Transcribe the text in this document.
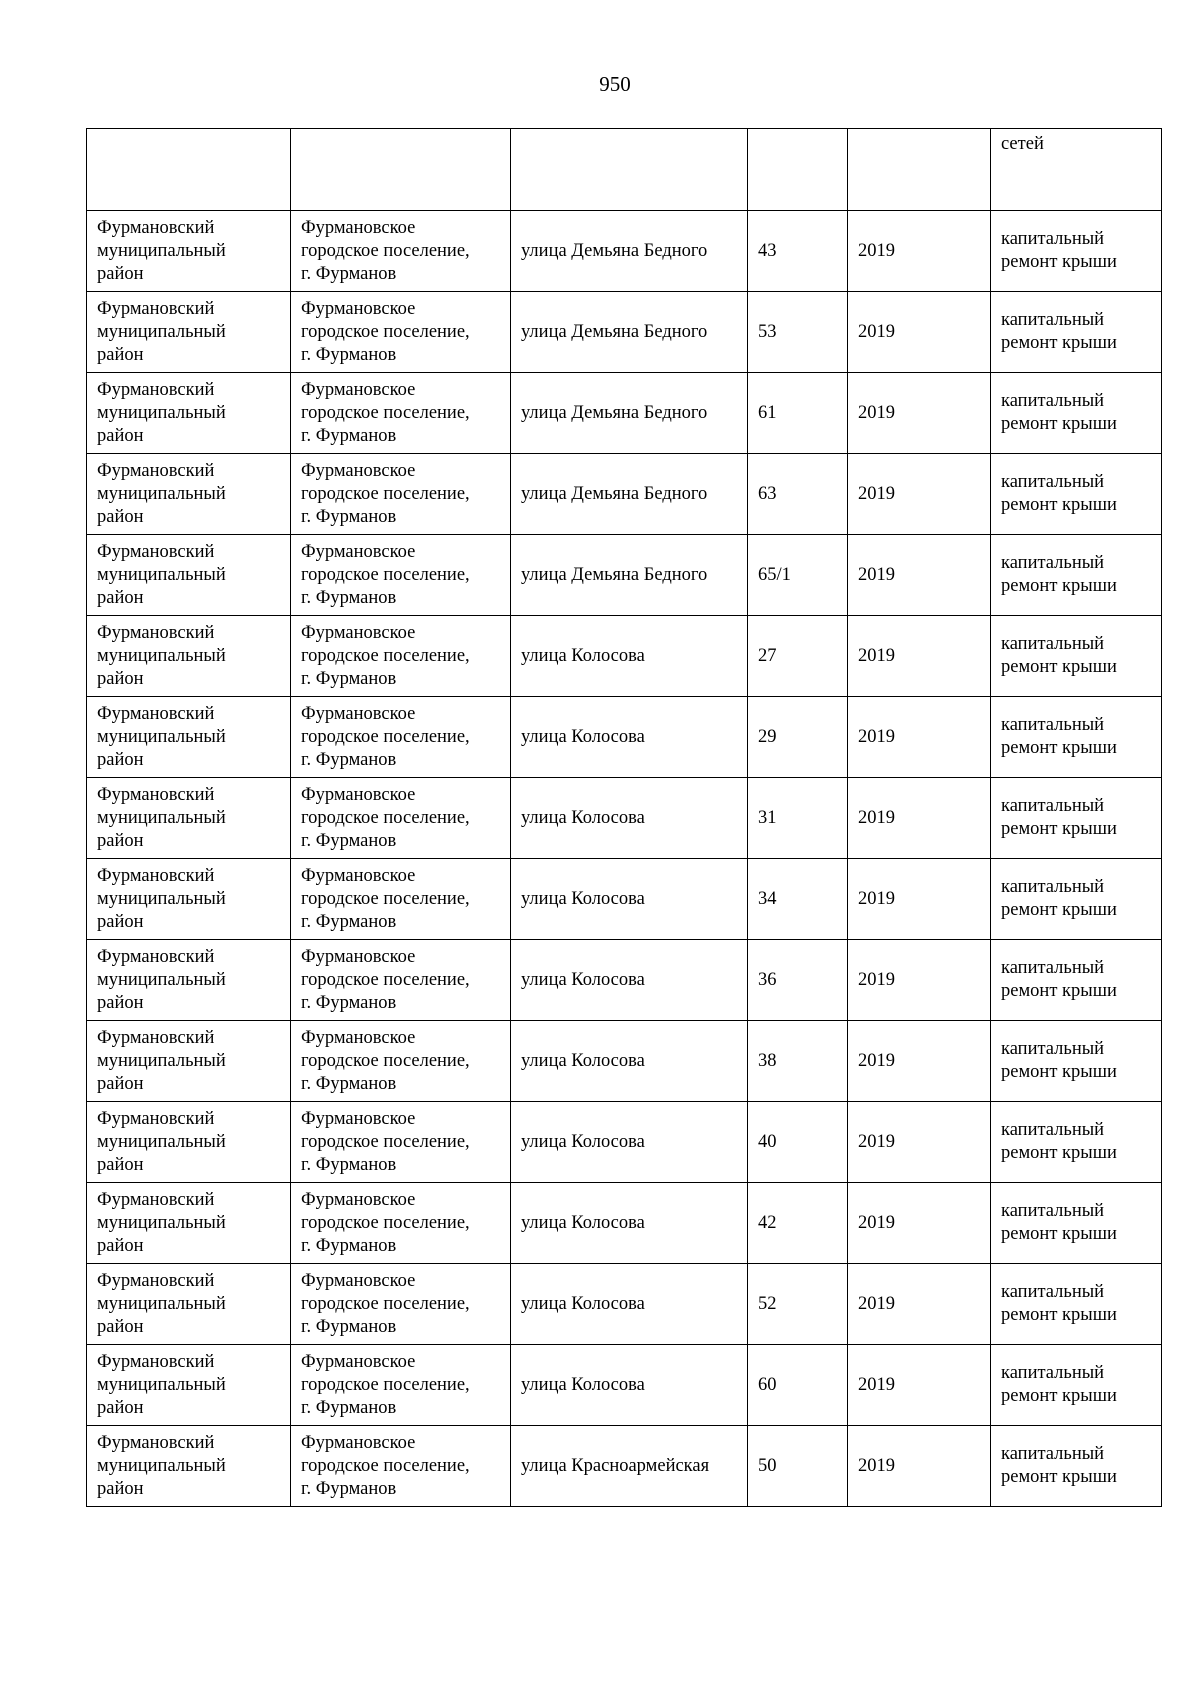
950
					сетей
Фурмановский
муниципальный
район	Фурмановское
городское поселение,
г. Фурманов	улица Демьяна Бедного	43	2019	капитальный
ремонт крыши
Фурмановский
муниципальный
район	Фурмановское
городское поселение,
г. Фурманов	улица Демьяна Бедного	53	2019	капитальный
ремонт крыши
Фурмановский
муниципальный
район	Фурмановское
городское поселение,
г. Фурманов	улица Демьяна Бедного	61	2019	капитальный
ремонт крыши
Фурмановский
муниципальный
район	Фурмановское
городское поселение,
г. Фурманов	улица Демьяна Бедного	63	2019	капитальный
ремонт крыши
Фурмановский
муниципальный
район	Фурмановское
городское поселение,
г. Фурманов	улица Демьяна Бедного	65/1	2019	капитальный
ремонт крыши
Фурмановский
муниципальный
район	Фурмановское
городское поселение,
г. Фурманов	улица Колосова	27	2019	капитальный
ремонт крыши
Фурмановский
муниципальный
район	Фурмановское
городское поселение,
г. Фурманов	улица Колосова	29	2019	капитальный
ремонт крыши
Фурмановский
муниципальный
район	Фурмановское
городское поселение,
г. Фурманов	улица Колосова	31	2019	капитальный
ремонт крыши
Фурмановский
муниципальный
район	Фурмановское
городское поселение,
г. Фурманов	улица Колосова	34	2019	капитальный
ремонт крыши
Фурмановский
муниципальный
район	Фурмановское
городское поселение,
г. Фурманов	улица Колосова	36	2019	капитальный
ремонт крыши
Фурмановский
муниципальный
район	Фурмановское
городское поселение,
г. Фурманов	улица Колосова	38	2019	капитальный
ремонт крыши
Фурмановский
муниципальный
район	Фурмановское
городское поселение,
г. Фурманов	улица Колосова	40	2019	капитальный
ремонт крыши
Фурмановский
муниципальный
район	Фурмановское
городское поселение,
г. Фурманов	улица Колосова	42	2019	капитальный
ремонт крыши
Фурмановский
муниципальный
район	Фурмановское
городское поселение,
г. Фурманов	улица Колосова	52	2019	капитальный
ремонт крыши
Фурмановский
муниципальный
район	Фурмановское
городское поселение,
г. Фурманов	улица Колосова	60	2019	капитальный
ремонт крыши
Фурмановский
муниципальный
район	Фурмановское
городское поселение,
г. Фурманов	улица Красноармейская	50	2019	капитальный
ремонт крыши
